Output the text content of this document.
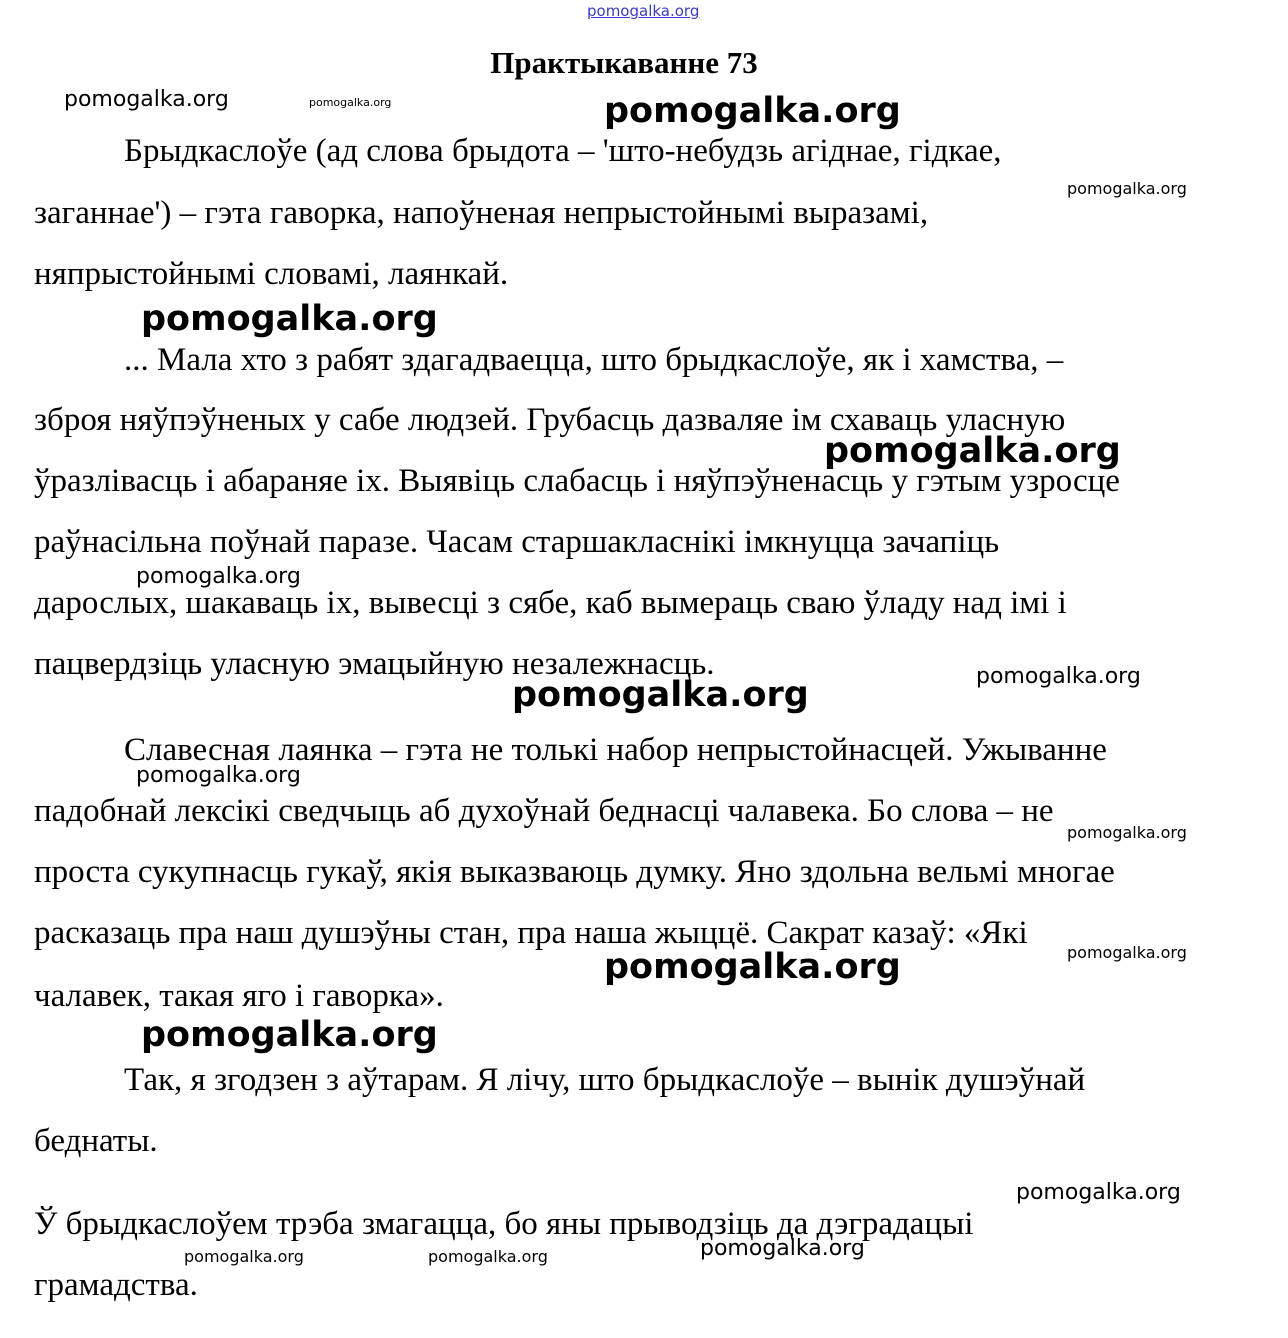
pomogalka.org
Практыкаванне 73

Брыдкаслоўе (ад слова брыдота – 'што-небудзь агіднае, гідкае,

заганнае') – гэта гаворка, напоўненая непрыстойнымі выразамі,

няпрыстойнымі словамі, лаянкай.

... Мала хто з рабят здагадваецца, што брыдкаслоўе, як і хамства, –

зброя няўпэўненых у сабе людзей. Грубасць дазваляе ім схаваць уласную

ўразлівасць і абараняе іх. Выявіць слабасць і няўпэўненасць у гэтым узросце

раўнасільна поўнай паразе. Часам старшакласнікі імкнуцца зачапіць

дарослых, шакаваць іх, вывесці з сябе, каб вымераць сваю ўладу над імі і

пацвердзіць уласную эмацыйную незалежнасць.

Славесная лаянка – гэта не толькі набор непрыстойнасцей. Ужыванне

падобнай лексікі сведчыць аб духоўнай беднасці чалавека. Бо слова – не

проста сукупнасць гукаў, якія выказваюць думку. Яно здольна вельмі многае

расказаць пра наш душэўны стан, пра наша жыццё. Сакрат казаў: «Які

чалавек, такая яго і гаворка».

Так, я згодзен з аўтарам. Я лічу, што брыдкаслоўе – вынік душэўнай

беднаты.

Ў брыдкаслоўем трэба змагацца, бо яны прыводзіць да дэградацыі

грамадства.

pomogalka.org	pomogalka.org	pomogalka.org
pomogalka.org
pomogalka.org
pomogalka.org
pomogalka.org
pomogalka.org
pomogalka.org
pomogalka.org
pomogalka.org
pomogalka.org
pomogalka.org
pomogalka.org
pomogalka.org
pomogalka.org
pomogalka.org	pomogalka.org
